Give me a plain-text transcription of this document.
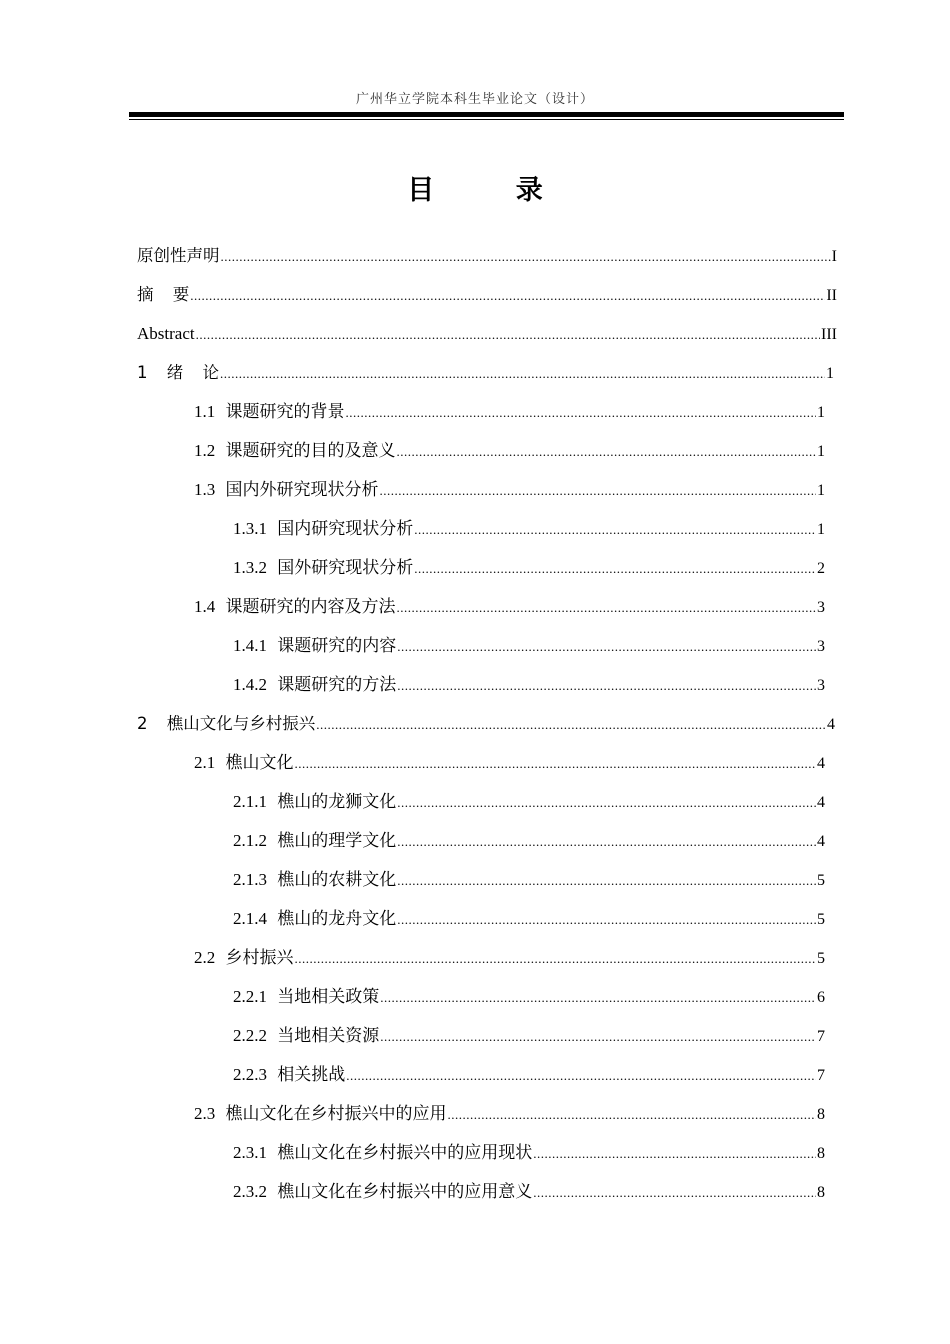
广州华立学院本科生毕业论文（设计）
目 录
原创性声明 .....	I
摘 要 .....	II
Abstract .....	III
1 绪 论 .....	1
1.1 课题研究的背景 .....	1
1.2 课题研究的目的及意义 .....	1
1.3 国内外研究现状分析 .....	1
1.3.1 国内研究现状分析 .....	1
1.3.2 国外研究现状分析 .....	2
1.4 课题研究的内容及方法 .....	3
1.4.1 课题研究的内容 .....	3
1.4.2 课题研究的方法 .....	3
2 樵山文化与乡村振兴 .....	4
2.1 樵山文化 .....	4
2.1.1 樵山的龙狮文化 .....	4
2.1.2 樵山的理学文化 .....	4
2.1.3 樵山的农耕文化 .....	5
2.1.4 樵山的龙舟文化 .....	5
2.2 乡村振兴 .....	5
2.2.1 当地相关政策 .....	6
2.2.2 当地相关资源 .....	7
2.2.3 相关挑战 .....	7
2.3 樵山文化在乡村振兴中的应用 .....	8
2.3.1 樵山文化在乡村振兴中的应用现状 .....	8
2.3.2 樵山文化在乡村振兴中的应用意义 .....	8
